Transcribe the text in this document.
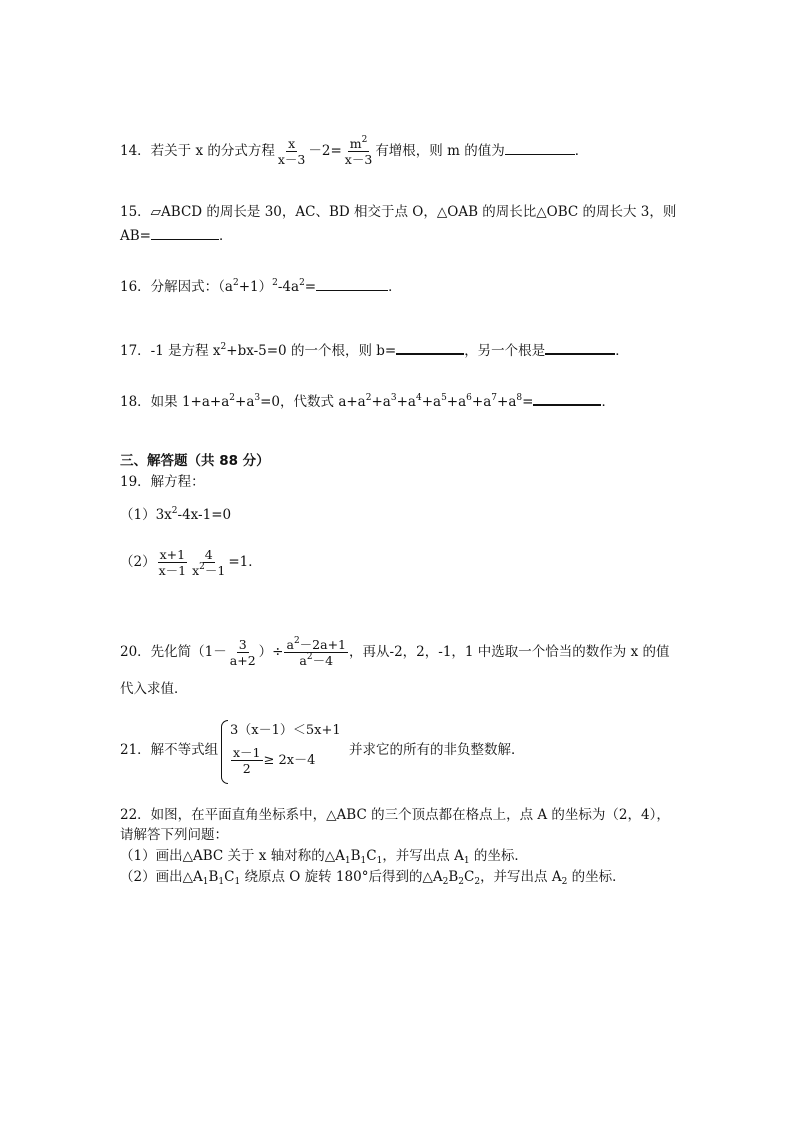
14．若关于 x 的分式方程 $\frac{x}{x-3} -2= \frac{m^2}{x-3}$ 有增根，则 m 的值为	．
15．▱ABCD 的周长是 30，AC、BD 相交于点 O，△OAB 的周长比△OBC 的周长大 3，则
AB=	．
16．分解因式：$(a^2+1)^2-4a^2=$	．
17．-1 是方程 $x^2+bx-5=0$ 的一个根，则 b=	，另一个根是	．
18．如果 $1+a+a^2+a^3=0$，代数式 $a+a^2+a^3+a^4+a^5+a^6+a^7+a^8=$	．
三、解答题（共 88 分）
19．解方程：
$(1)3x^2-4x-1=0$
$(2) \frac{x+1}{x-1} \frac{4}{x^2-1} =1$．
20．先化简（$1- \frac{3}{a+2}$ ）÷ $\frac{a^2-2a+1}{a^2-4}$ ，再从-2，2，-1，1 中选取一个恰当的数作为 x 的值
代入求值．
21．解不等式组
3（x－1）＜5x+1
$\frac{x-1}{2} \ge 2x-4$
并求它的所有的非负整数解．
22．如图，在平面直角坐标系中，△ABC 的三个顶点都在格点上，点 A 的坐标为（2，4），
请解答下列问题：
（1）画出△ABC 关于 x 轴对称的$\triangle A_1B_1C_1$，并写出点 $A_1$ 的坐标．
（2）画出$\triangle A_1B_1C_1$ 绕原点 O 旋转 180°后得到的$\triangle A_2B_2C_2$，并写出点 $A_2$ 的坐标．
